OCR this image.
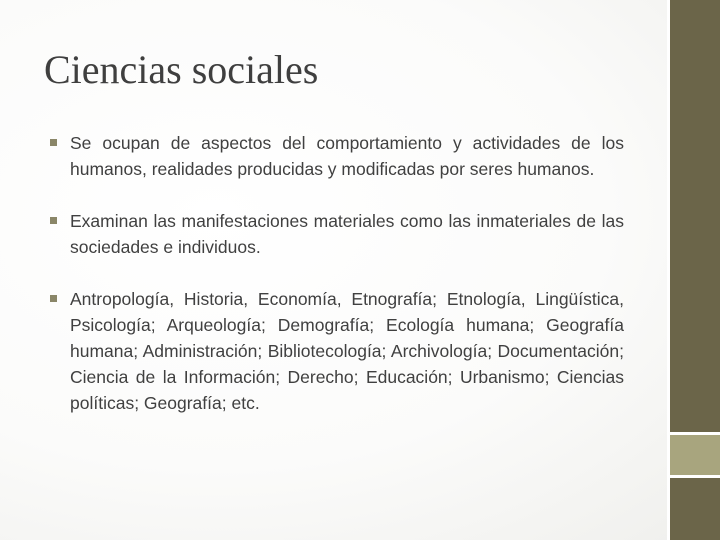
Ciencias sociales
Se ocupan de aspectos del comportamiento y actividades de los humanos, realidades producidas y modificadas por seres humanos.
Examinan las manifestaciones materiales como las inmateriales de las sociedades e individuos.
Antropología, Historia, Economía, Etnografía; Etnología, Lingüística, Psicología; Arqueología; Demografía; Ecología humana; Geografía humana; Administración; Bibliotecología; Archivología; Documentación; Ciencia de la Información; Derecho; Educación; Urbanismo; Ciencias políticas; Geografía; etc.
